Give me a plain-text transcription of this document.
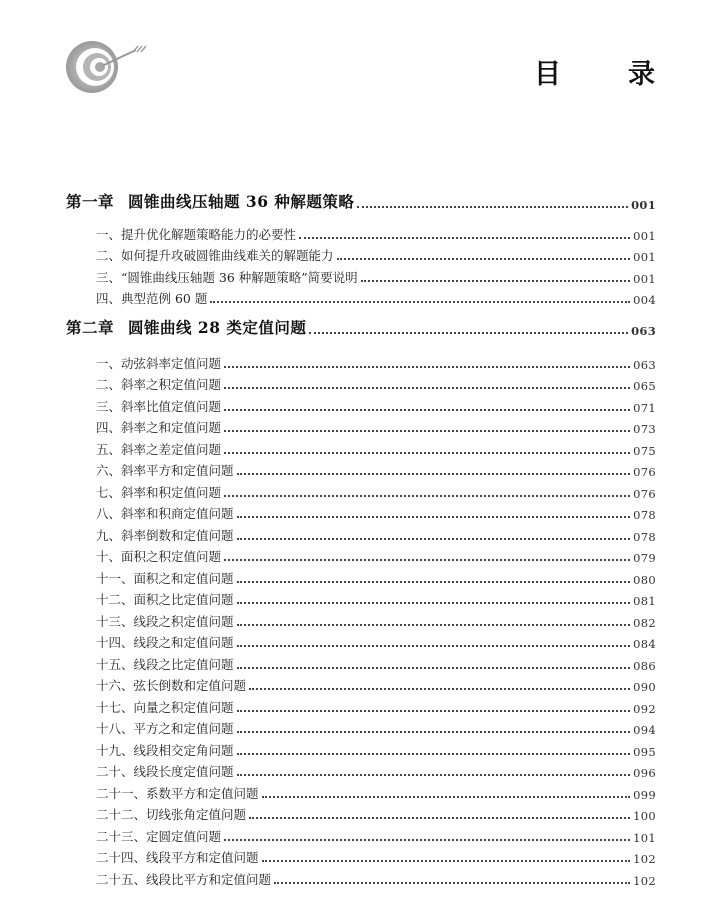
目　录
第一章 圆锥曲线压轴题 36 种解题策略	001
一、提升优化解题策略能力的必要性	001
二、如何提升攻破圆锥曲线难关的解题能力	001
三、“圆锥曲线压轴题 36 种解题策略”简要说明	001
四、典型范例 60 题	004
第二章 圆锥曲线 28 类定值问题	063
一、动弦斜率定值问题	063
二、斜率之积定值问题	065
三、斜率比值定值问题	071
四、斜率之和定值问题	073
五、斜率之差定值问题	075
六、斜率平方和定值问题	076
七、斜率和积定值问题	076
八、斜率和积商定值问题	078
九、斜率倒数和定值问题	078
十、面积之积定值问题	079
十一、面积之和定值问题	080
十二、面积之比定值问题	081
十三、线段之积定值问题	082
十四、线段之和定值问题	084
十五、线段之比定值问题	086
十六、弦长倒数和定值问题	090
十七、向量之积定值问题	092
十八、平方之和定值问题	094
十九、线段相交定角问题	095
二十、线段长度定值问题	096
二十一、系数平方和定值问题	099
二十二、切线张角定值问题	100
二十三、定圆定值问题	101
二十四、线段平方和定值问题	102
二十五、线段比平方和定值问题	102
